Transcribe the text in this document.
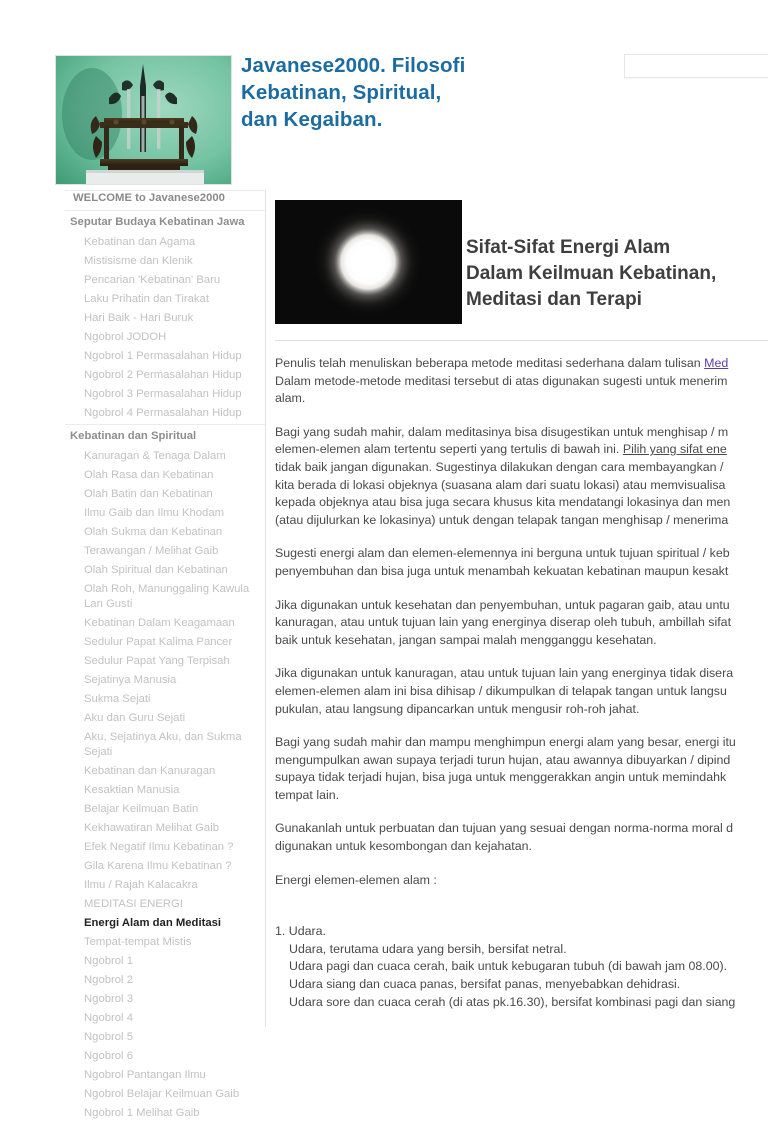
Javanese2000. Filosofi
Kebatinan, Spiritual,
dan Kegaiban.
WELCOME to Javanese2000
Seputar Budaya Kebatinan Jawa
Kebatinan dan Agama
Mistisisme dan Klenik
Pencarian 'Kebatinan' Baru
Laku Prihatin dan Tirakat
Hari Baik - Hari Buruk
Ngobrol JODOH
Ngobrol 1 Permasalahan Hidup
Ngobrol 2 Permasalahan Hidup
Ngobrol 3 Permasalahan Hidup
Ngobrol 4 Permasalahan Hidup
Kebatinan dan Spiritual
Kanuragan & Tenaga Dalam
Olah Rasa dan Kebatinan
Olah Batin dan Kebatinan
Ilmu Gaib dan Ilmu Khodam
Olah Sukma dan Kebatinan
Terawangan / Melihat Gaib
Olah Spiritual dan Kebatinan
Olah Roh, Manunggaling Kawula Lan Gusti
Kebatinan Dalam Keagamaan
Sedulur Papat Kalima Pancer
Sedulur Papat Yang Terpisah
Sejatinya Manusia
Sukma Sejati
Aku dan Guru Sejati
Aku, Sejatinya Aku, dan Sukma Sejati
Kebatinan dan Kanuragan
Kesaktian Manusia
Belajar Keilmuan Batin
Kekhawatiran Melihat Gaib
Efek Negatif Ilmu Kebatinan ?
Gila Karena Ilmu Kebatinan ?
Ilmu / Rajah Kalacakra
MEDITASI ENERGI
Energi Alam dan Meditasi
Tempat-tempat Mistis
Ngobrol 1
Ngobrol 2
Ngobrol 3
Ngobrol 4
Ngobrol 5
Ngobrol 6
Ngobrol Pantangan Ilmu
Ngobrol Belajar Keilmuan Gaib
Ngobrol 1 Melihat Gaib
Sifat-Sifat Energi Alam
Dalam Keilmuan Kebatinan,
Meditasi dan Terapi
Penulis telah menuliskan beberapa metode meditasi sederhana dalam tulisan Med
Dalam metode-metode meditasi tersebut di atas digunakan sugesti untuk menerim
alam.
Bagi yang sudah mahir, dalam meditasinya bisa disugestikan untuk menghisap / m
elemen-elemen alam tertentu seperti yang tertulis di bawah ini. Pilih yang sifat ene
tidak baik jangan digunakan. Sugestinya dilakukan dengan cara membayangkan /
kita berada di lokasi objeknya (suasana alam dari suatu lokasi) atau memvisualisa
kepada objeknya atau bisa juga secara khusus kita mendatangi lokasinya dan men
(atau dijulurkan ke lokasinya) untuk dengan telapak tangan menghisap / menerima
Sugesti energi alam dan elemen-elemennya ini berguna untuk tujuan spiritual / keb
penyembuhan dan bisa juga untuk menambah kekuatan kebatinan maupun kesakt
Jika digunakan untuk kesehatan dan penyembuhan, untuk pagaran gaib, atau untu
kanuragan, atau untuk tujuan lain yang energinya diserap oleh tubuh, ambillah sifat
baik untuk kesehatan, jangan sampai malah mengganggu kesehatan.
Jika digunakan untuk kanuragan, atau untuk tujuan lain yang energinya tidak disera
elemen-elemen alam ini bisa dihisap / dikumpulkan di telapak tangan untuk langsu
pukulan, atau langsung dipancarkan untuk mengusir roh-roh jahat.
Bagi yang sudah mahir dan mampu menghimpun energi alam yang besar, energi itu
mengumpulkan awan supaya terjadi turun hujan, atau awannya dibuyarkan / dipind
supaya tidak terjadi hujan, bisa juga untuk menggerakkan angin untuk memindahk
tempat lain.
Gunakanlah untuk perbuatan dan tujuan yang sesuai dengan norma-norma moral d
digunakan untuk kesombongan dan kejahatan.
Energi elemen-elemen alam :
1. Udara.
Udara, terutama udara yang bersih, bersifat netral.
Udara pagi dan cuaca cerah, baik untuk kebugaran tubuh (di bawah jam 08.00).
Udara siang dan cuaca panas, bersifat panas, menyebabkan dehidrasi.
Udara sore dan cuaca cerah (di atas pk.16.30), bersifat kombinasi pagi dan siang
